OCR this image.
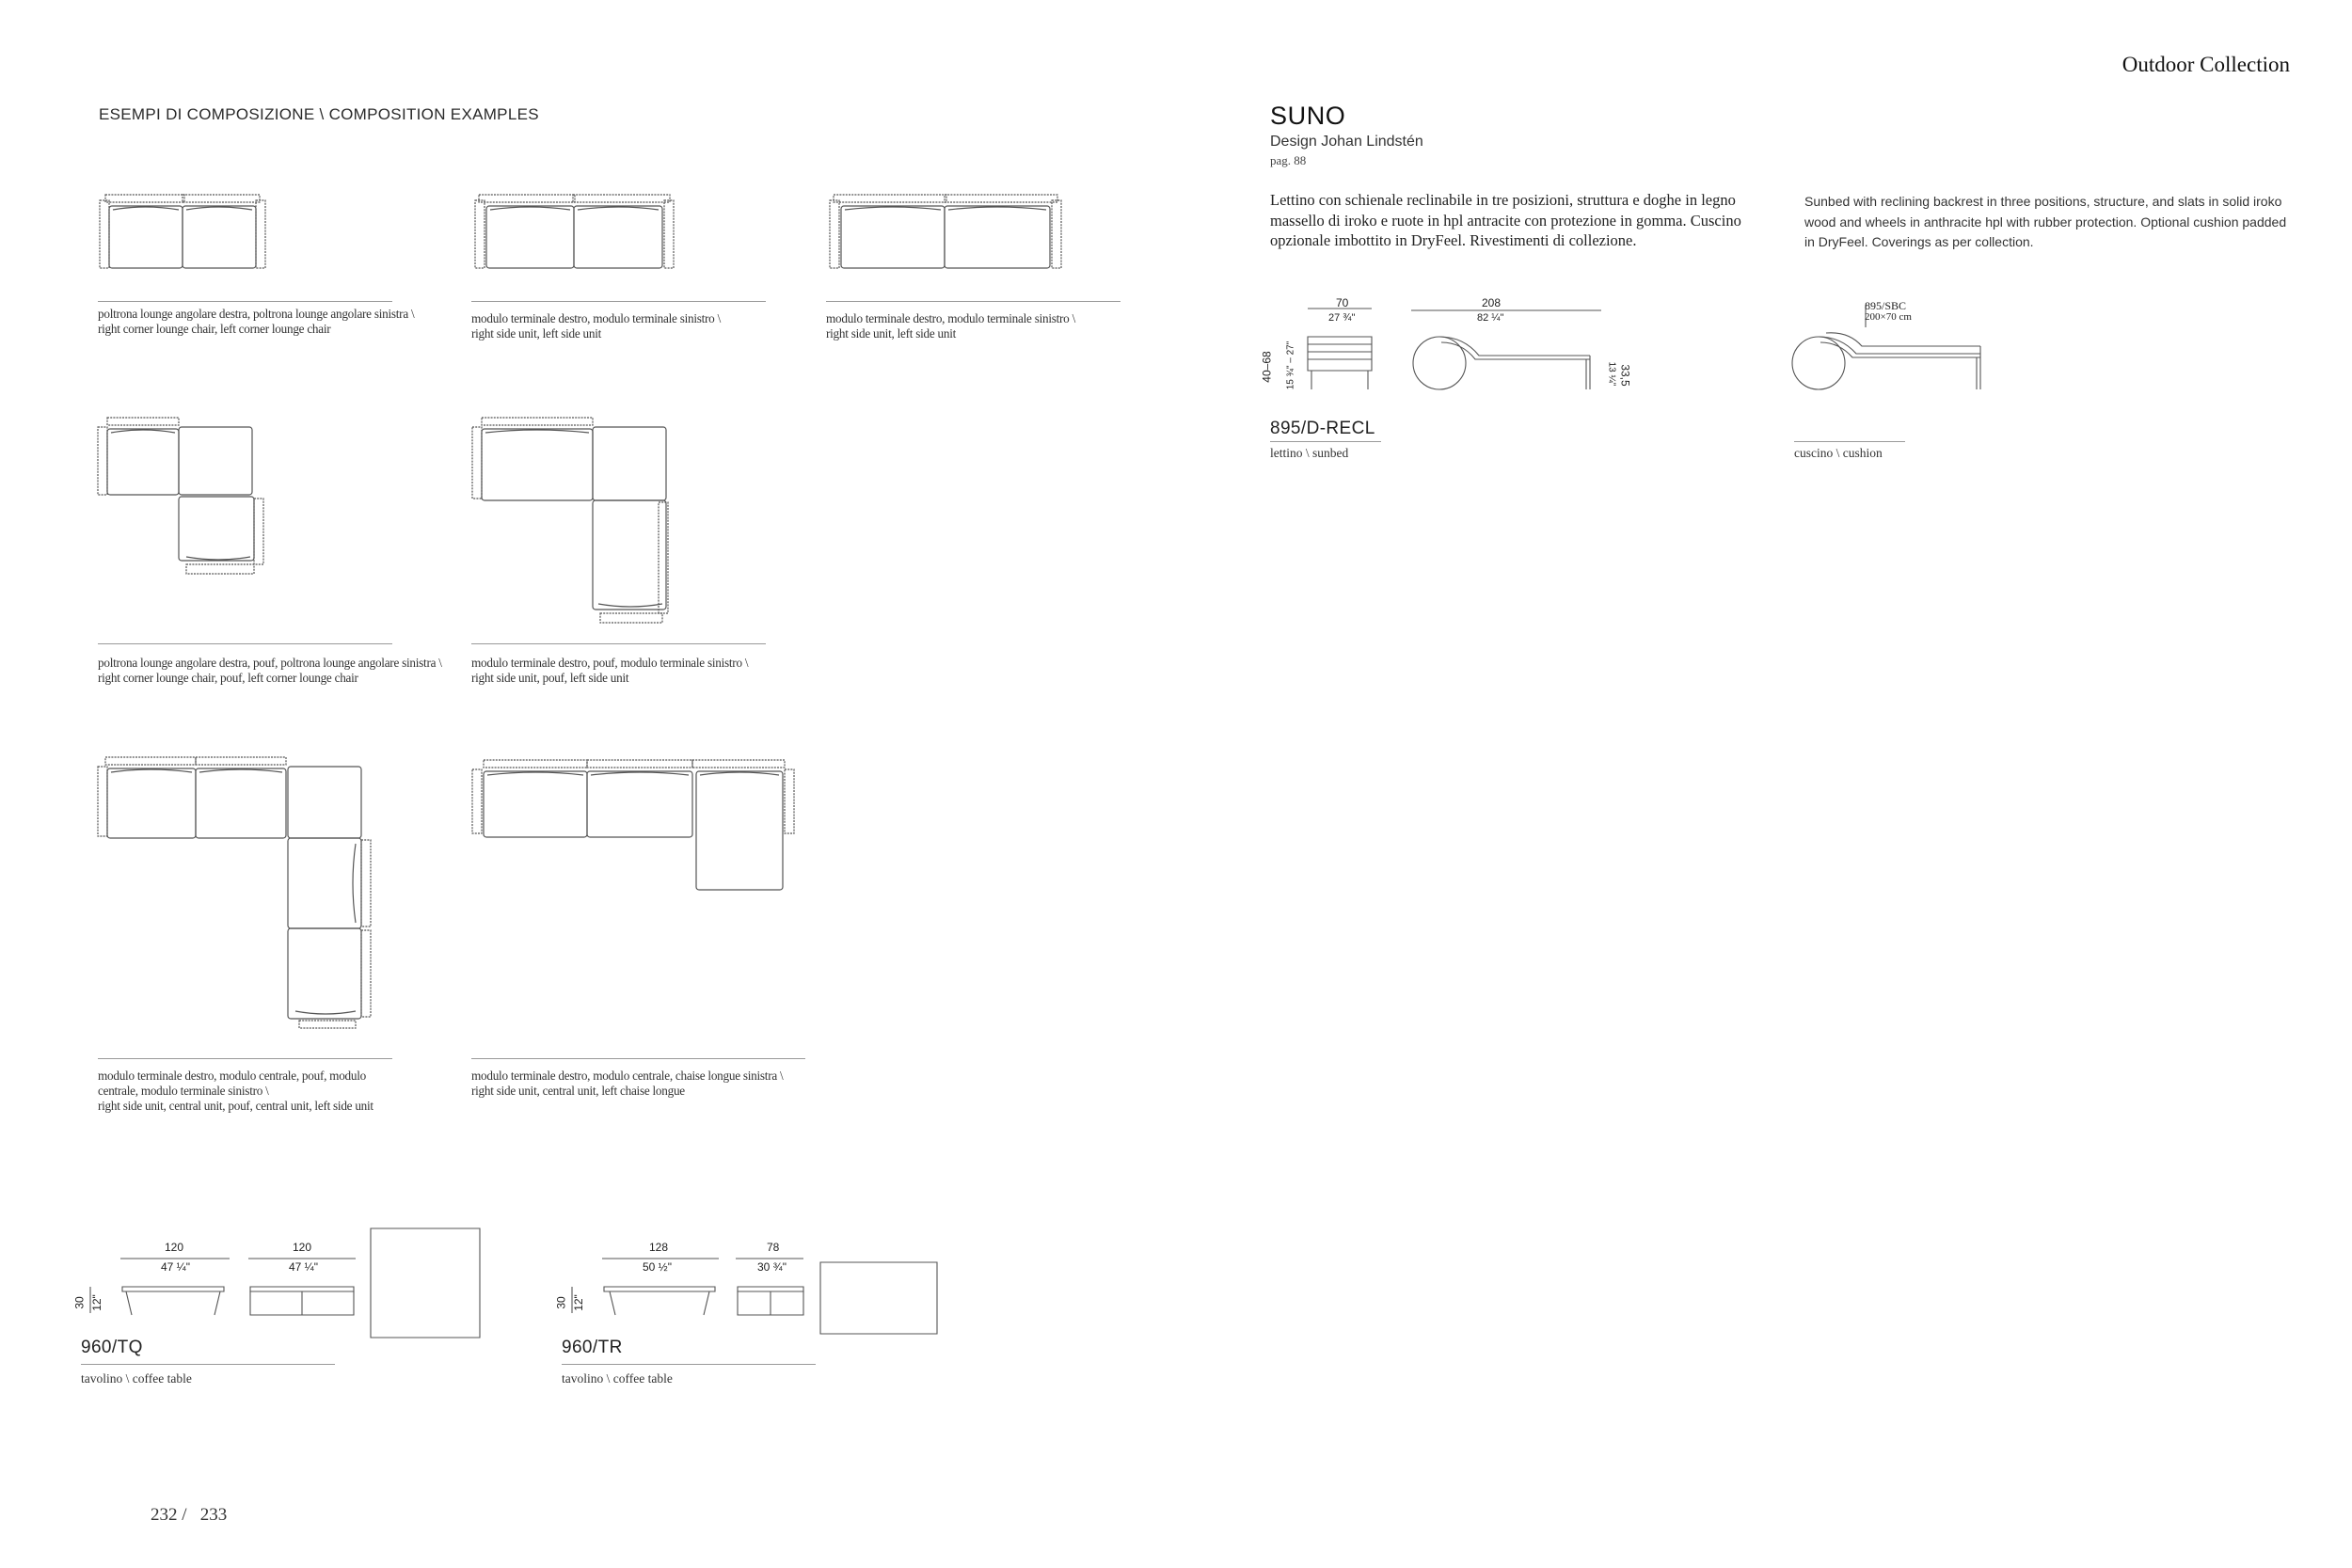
Outdoor Collection
ESEMPI DI COMPOSIZIONE \ COMPOSITION EXAMPLES
poltrona lounge angolare destra, poltrona lounge angolare sinistra \
right corner lounge chair, left corner lounge chair
modulo terminale destro, modulo terminale sinistro \
right side unit, left side unit
modulo terminale destro, modulo terminale sinistro \
right side unit, left side unit
poltrona lounge angolare destra, pouf, poltrona lounge angolare sinistra \
right corner lounge chair, pouf, left corner lounge chair
modulo terminale destro, pouf, modulo terminale sinistro \
right side unit, pouf, left side unit
modulo terminale destro, modulo centrale, pouf, modulo
centrale, modulo terminale sinistro \
right side unit, central unit, pouf, central unit, left side unit
modulo terminale destro, modulo centrale, chaise longue sinistra \
right side unit, central unit, left chaise longue
120
47 ¼"
120
47 ¼"
30 12"
960/TQ
tavolino \ coffee table
128
50 ½"
78
30 ¾"
30 12"
960/TR
tavolino \ coffee table
SUNO
Design Johan Lindstén
pag. 88
Lettino con schienale reclinabile in tre posizioni, struttura e doghe in legno massello di iroko e ruote in hpl antracite con protezione in gomma. Cuscino opzionale imbottito in DryFeel. Rivestimenti di collezione.
Sunbed with reclining backrest in three positions, structure, and slats in solid iroko wood and wheels in anthracite hpl with rubber protection. Optional cushion padded in DryFeel. Coverings as per collection.
70
27 ¾"
208
82 ¼"
40–68 15 ¾" – 27"	33,5
13 ¼"
895/D-RECL
lettino \ sunbed
895/SBC
200×70 cm
cuscino \ cushion
232 /   233
